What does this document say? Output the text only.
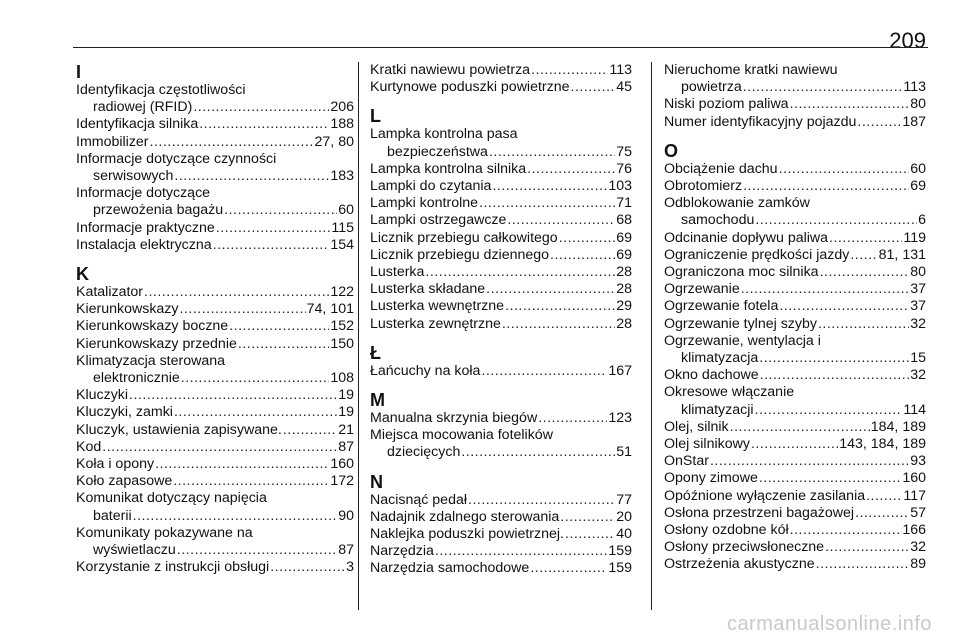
209
I
Identyfikacja częstotliwości
radiowej (RFID) .....	206
Identyfikacja silnika .....	188
Immobilizer .....	27, 80
Informacje dotyczące czynności
serwisowych .....	183
Informacje dotyczące
przewożenia bagażu .....	60
Informacje praktyczne .....	115
Instalacja elektryczna .....	154
K
Katalizator .....	122
Kierunkowskazy .....	74, 101
Kierunkowskazy boczne .....	152
Kierunkowskazy przednie .....	150
Klimatyzacja sterowana
elektronicznie .....	108
Kluczyki .....	19
Kluczyki, zamki .....	19
Kluczyk, ustawienia zapisywane. .....	21
Kod .....	87
Koła i opony .....	160
Koło zapasowe .....	172
Komunikat dotyczący napięcia
baterii .....	90
Komunikaty pokazywane na
wyświetlaczu .....	87
Korzystanie z instrukcji obsługi .....	3
Kratki nawiewu powietrza .....	113
Kurtynowe poduszki powietrzne .....	45
L
Lampka kontrolna pasa
bezpieczeństwa .....	75
Lampka kontrolna silnika .....	76
Lampki do czytania .....	103
Lampki kontrolne .....	71
Lampki ostrzegawcze .....	68
Licznik przebiegu całkowitego .....	69
Licznik przebiegu dziennego .....	69
Lusterka .....	28
Lusterka składane .....	28
Lusterka wewnętrzne .....	29
Lusterka zewnętrzne .....	28
Ł
Łańcuchy na koła .....	167
M
Manualna skrzynia biegów .....	123
Miejsca mocowania fotelików
dziecięcych .....	51
N
Nacisnąć pedał .....	77
Nadajnik zdalnego sterowania .....	20
Naklejka poduszki powietrznej. .....	40
Narzędzia .....	159
Narzędzia samochodowe .....	159
Nieruchome kratki nawiewu
powietrza .....	113
Niski poziom paliwa .....	80
Numer identyfikacyjny pojazdu .....	187
O
Obciążenie dachu .....	60
Obrotomierz .....	69
Odblokowanie zamków
samochodu .....	6
Odcinanie dopływu paliwa .....	119
Ograniczenie prędkości jazdy ..... 81, 131
Ograniczona moc silnika .....	80
Ogrzewanie .....	37
Ogrzewanie fotela .....	37
Ogrzewanie tylnej szyby .....	32
Ogrzewanie, wentylacja i
klimatyzacja .....	15
Okno dachowe .....	32
Okresowe włączanie
klimatyzacji .....	114
Olej, silnik .....	184, 189
Olej silnikowy .....	143, 184, 189
OnStar .....	93
Opony zimowe .....	160
Opóźnione wyłączenie zasilania .....	117
Osłona przestrzeni bagażowej .....	57
Osłony ozdobne kół .....	166
Osłony przeciwsłoneczne .....	32
Ostrzeżenia akustyczne .....	89
carmanualsonline.info
